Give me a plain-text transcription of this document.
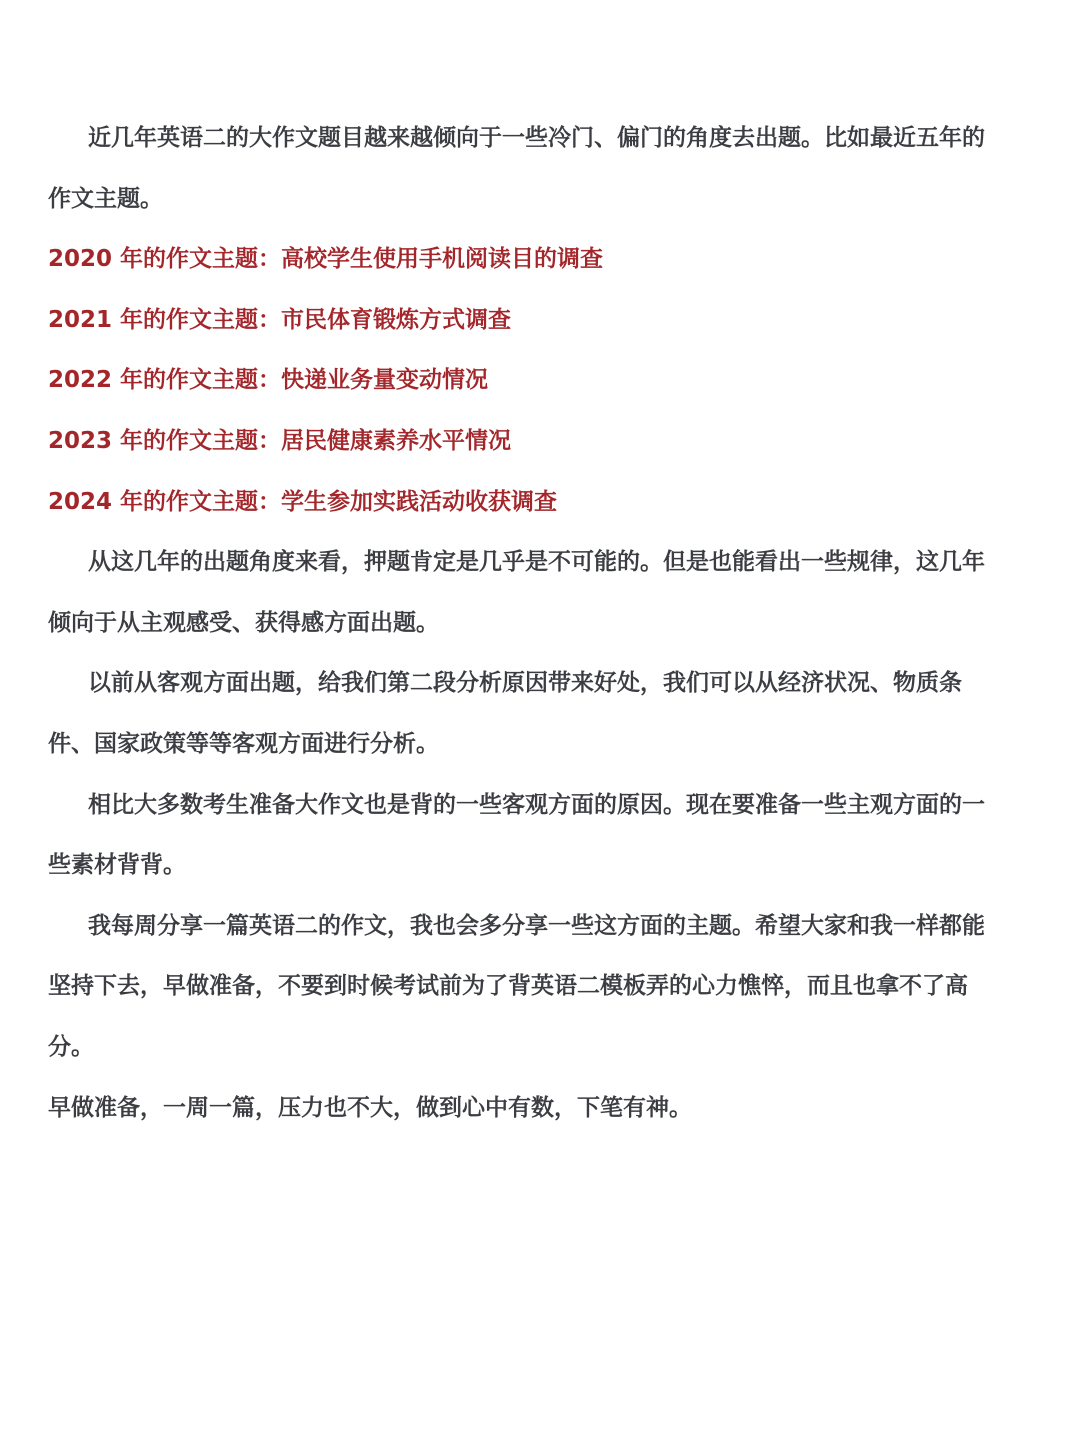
近几年英语二的大作文题目越来越倾向于一些冷门、偏门的角度去出题。比如最近五年的作文主题。

2020 年的作文主题：高校学生使用手机阅读目的调查

2021 年的作文主题：市民体育锻炼方式调查

2022 年的作文主题：快递业务量变动情况

2023 年的作文主题：居民健康素养水平情况

2024 年的作文主题：学生参加实践活动收获调查

从这几年的出题角度来看，押题肯定是几乎是不可能的。但是也能看出一些规律，这几年倾向于从主观感受、获得感方面出题。

以前从客观方面出题，给我们第二段分析原因带来好处，我们可以从经济状况、物质条件、国家政策等等客观方面进行分析。

相比大多数考生准备大作文也是背的一些客观方面的原因。现在要准备一些主观方面的一些素材背背。

我每周分享一篇英语二的作文，我也会多分享一些这方面的主题。希望大家和我一样都能坚持下去，早做准备，不要到时候考试前为了背英语二模板弄的心力憔悴，而且也拿不了高分。

早做准备，一周一篇，压力也不大，做到心中有数，下笔有神。
